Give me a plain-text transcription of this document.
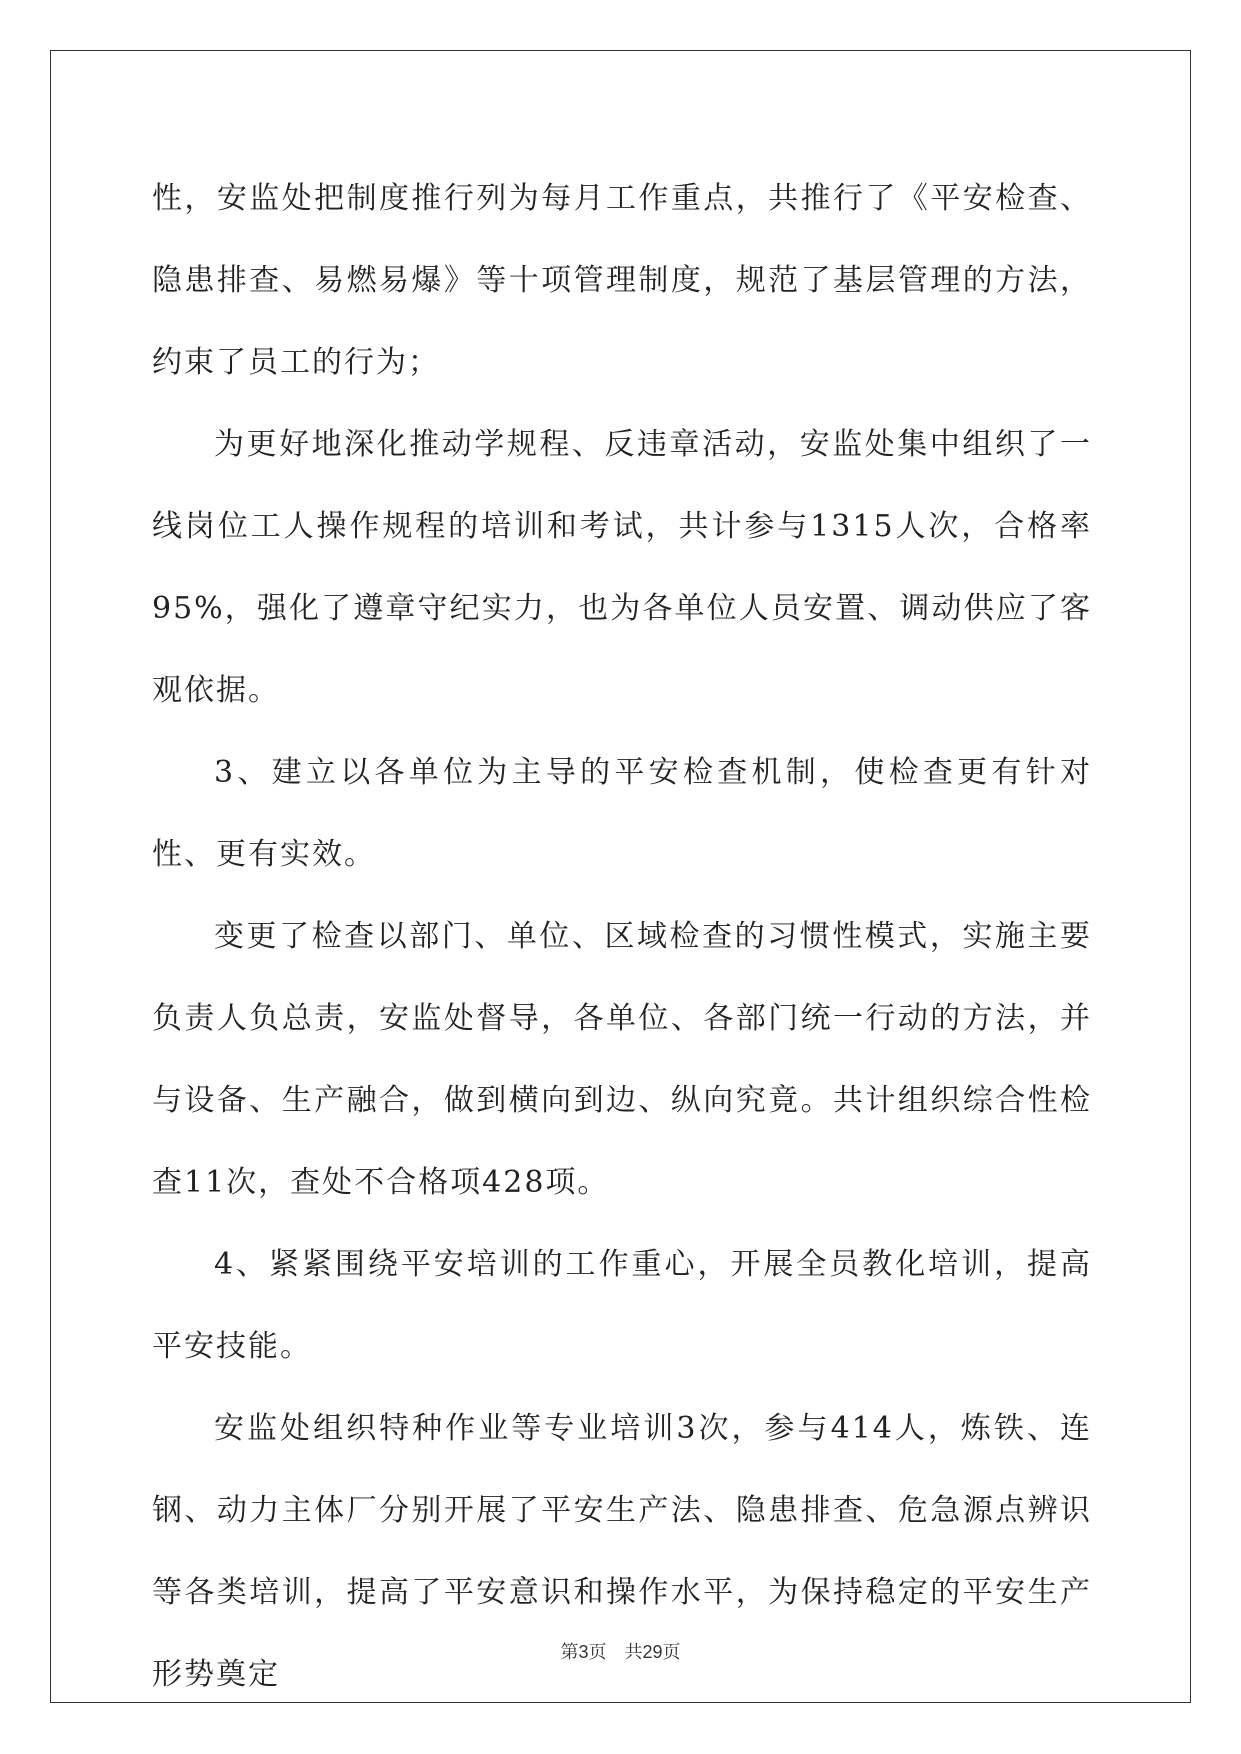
性，安监处把制度推行列为每月工作重点，共推行了《平安检查、隐患排查、易燃易爆》等十项管理制度，规范了基层管理的方法，约束了员工的行为；

为更好地深化推动学规程、反违章活动，安监处集中组织了一线岗位工人操作规程的培训和考试，共计参与1315人次，合格率95%，强化了遵章守纪实力，也为各单位人员安置、调动供应了客观依据。

3、建立以各单位为主导的平安检查机制，使检查更有针对性、更有实效。

变更了检查以部门、单位、区域检查的习惯性模式，实施主要负责人负总责，安监处督导，各单位、各部门统一行动的方法，并与设备、生产融合，做到横向到边、纵向究竟。共计组织综合性检查11次，查处不合格项428项。

4、紧紧围绕平安培训的工作重心，开展全员教化培训，提高平安技能。

安监处组织特种作业等专业培训3次，参与414人，炼铁、连钢、动力主体厂分别开展了平安生产法、隐患排查、危急源点辨识等各类培训，提高了平安意识和操作水平，为保持稳定的平安生产形势奠定

第3页　共29页
